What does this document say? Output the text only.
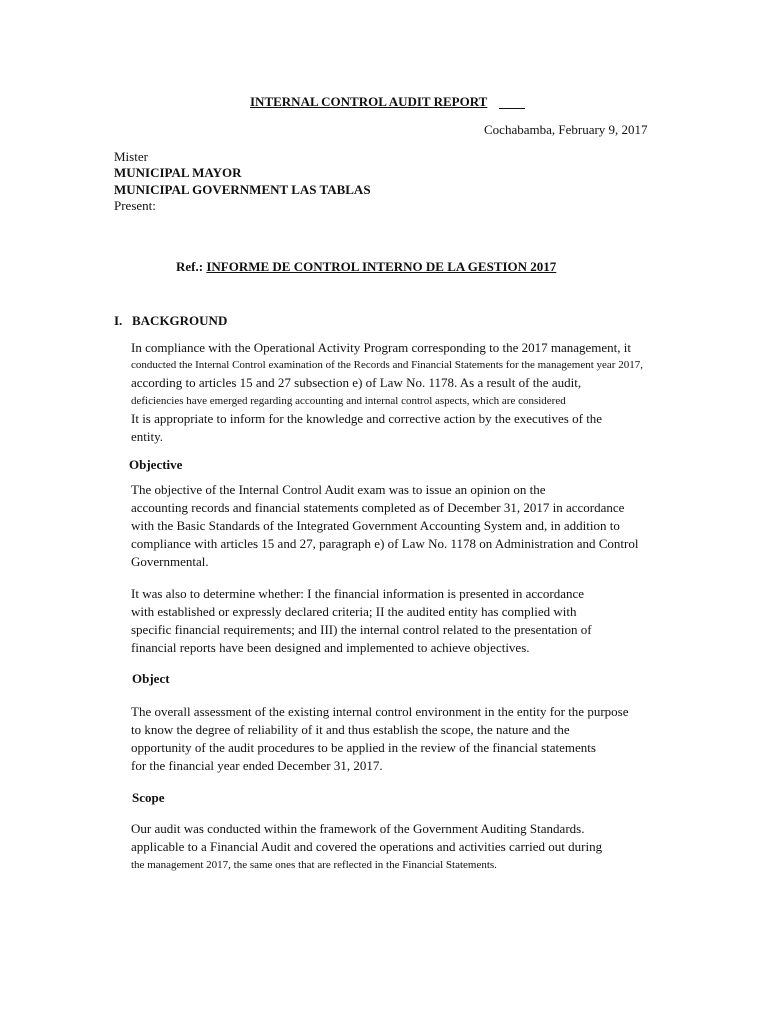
INTERNAL CONTROL AUDIT REPORT
Cochabamba, February 9, 2017
Mister
MUNICIPAL MAYOR
MUNICIPAL GOVERNMENT LAS TABLAS
Present:
Ref.: INFORME DE CONTROL INTERNO DE LA GESTION 2017
I. BACKGROUND
In compliance with the Operational Activity Program corresponding to the 2017 management, it
conducted the Internal Control examination of the Records and Financial Statements for the management year 2017,
according to articles 15 and 27 subsection e) of Law No. 1178. As a result of the audit,
deficiencies have emerged regarding accounting and internal control aspects, which are considered
It is appropriate to inform for the knowledge and corrective action by the executives of the
entity.
Objective
The objective of the Internal Control Audit exam was to issue an opinion on the
accounting records and financial statements completed as of December 31, 2017 in accordance
with the Basic Standards of the Integrated Government Accounting System and, in addition to
compliance with articles 15 and 27, paragraph e) of Law No. 1178 on Administration and Control
Governmental.
It was also to determine whether: I the financial information is presented in accordance
with established or expressly declared criteria; II the audited entity has complied with
specific financial requirements; and III) the internal control related to the presentation of
financial reports have been designed and implemented to achieve objectives.
Object
The overall assessment of the existing internal control environment in the entity for the purpose
to know the degree of reliability of it and thus establish the scope, the nature and the
opportunity of the audit procedures to be applied in the review of the financial statements
for the financial year ended December 31, 2017.
Scope
Our audit was conducted within the framework of the Government Auditing Standards.
applicable to a Financial Audit and covered the operations and activities carried out during
the management 2017, the same ones that are reflected in the Financial Statements.
